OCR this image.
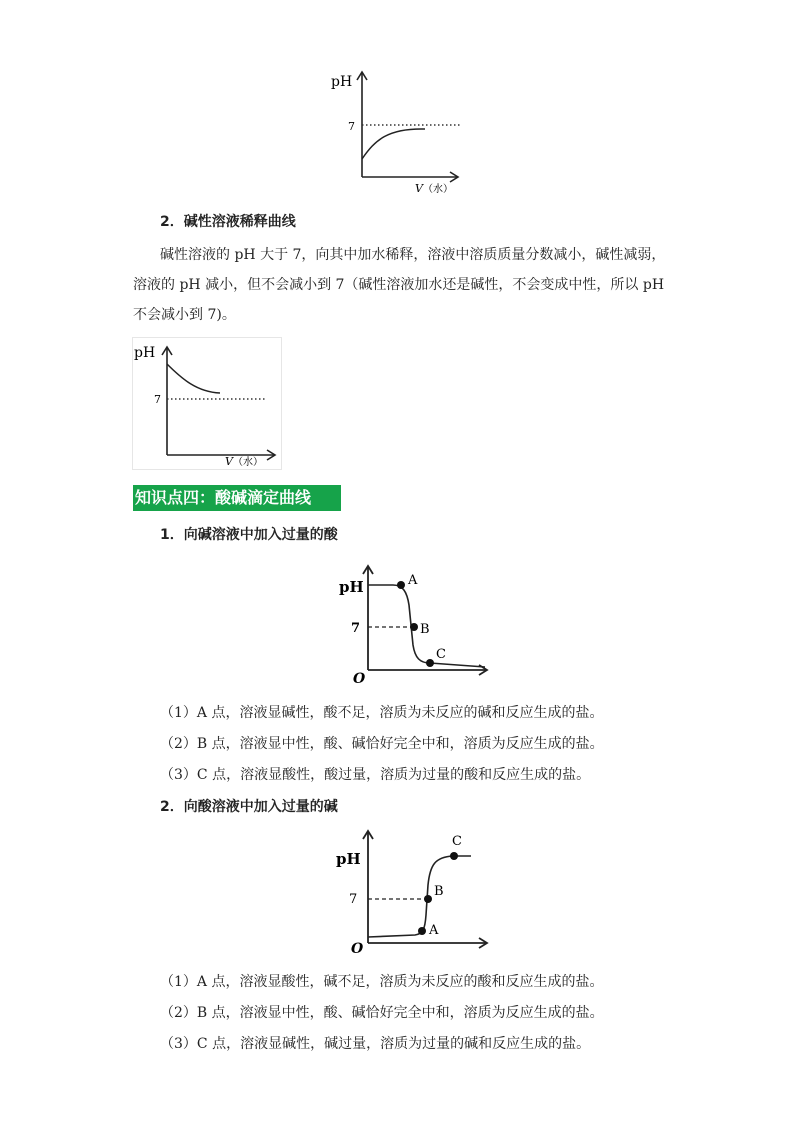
pH
7
V （水）
2．碱性溶液稀释曲线
碱性溶液的 pH 大于 7，向其中加水稀释，溶液中溶质质量分数减小，碱性减弱，
溶液的 pH 减小，但不会减小到 7（碱性溶液加水还是碱性，不会变成中性，所以 pH
不会减小到 7)。
pH
7
V （水）
知识点四：酸碱滴定曲线
1．向碱溶液中加入过量的酸
A
B
C
pH
7
O
（1）A 点，溶液显碱性，酸不足，溶质为未反应的碱和反应生成的盐。
（2）B 点，溶液显中性，酸、碱恰好完全中和，溶质为反应生成的盐。
（3）C 点，溶液显酸性，酸过量，溶质为过量的酸和反应生成的盐。
2．向酸溶液中加入过量的碱
A
B
C
pH
7
O
（1）A 点，溶液显酸性，碱不足，溶质为未反应的酸和反应生成的盐。
（2）B 点，溶液显中性，酸、碱恰好完全中和，溶质为反应生成的盐。
（3）C 点，溶液显碱性，碱过量，溶质为过量的碱和反应生成的盐。
